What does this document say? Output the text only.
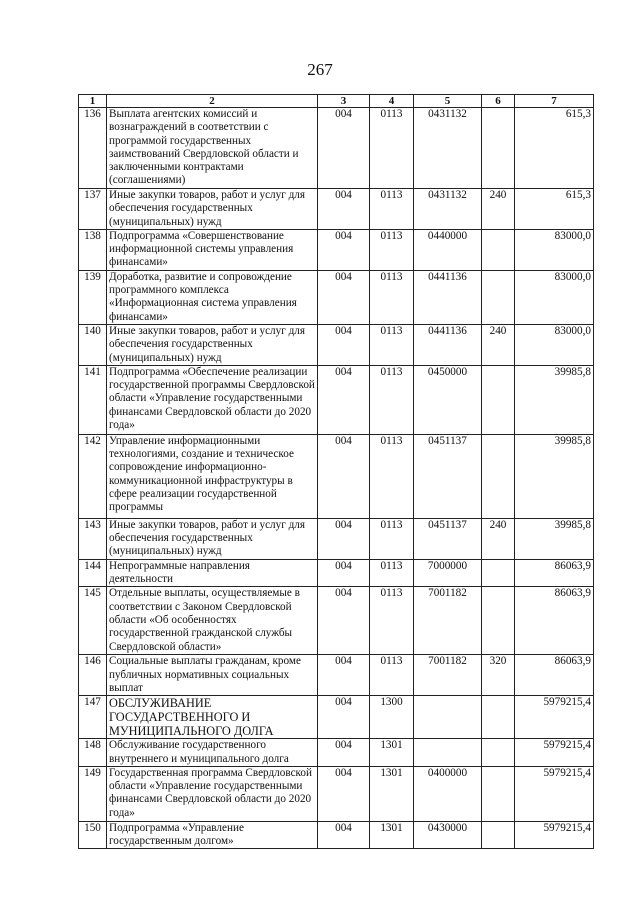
267
1	2	3	4	5	6	7
136	Выплата агентских комиссий и вознаграждений в соответствии с программой государственных заимствований Свердловской области и заключенными контрактами (соглашениями)	004	0113	0431132		615,3
137	Иные закупки товаров, работ и услуг для обеспечения государственных (муниципальных) нужд	004	0113	0431132	240	615,3
138	Подпрограмма «Совершенствование информационной системы управления финансами»	004	0113	0440000		83000,0
139	Доработка, развитие и сопровождение программного комплекса «Информационная система управления финансами»	004	0113	0441136		83000,0
140	Иные закупки товаров, работ и услуг для обеспечения государственных (муниципальных) нужд	004	0113	0441136	240	83000,0
141	Подпрограмма «Обеспечение реализации государственной программы Свердловской области «Управление государственными финансами Свердловской области до 2020 года»	004	0113	0450000		39985,8
142	Управление информационными технологиями, создание и техническое сопровождение информационно-коммуникационной инфраструктуры в сфере реализации государственной программы	004	0113	0451137		39985,8
143	Иные закупки товаров, работ и услуг для обеспечения государственных (муниципальных) нужд	004	0113	0451137	240	39985,8
144	Непрограммные направления деятельности	004	0113	7000000		86063,9
145	Отдельные выплаты, осуществляемые в соответствии с Законом Свердловской области «Об особенностях государственной гражданской службы Свердловской области»	004	0113	7001182		86063,9
146	Социальные выплаты гражданам, кроме публичных нормативных социальных выплат	004	0113	7001182	320	86063,9
147	ОБСЛУЖИВАНИЕ ГОСУДАРСТВЕННОГО И МУНИЦИПАЛЬНОГО ДОЛГА	004	1300			5979215,4
148	Обслуживание государственного внутреннего и муниципального долга	004	1301			5979215,4
149	Государственная программа Свердловской области «Управление государственными финансами Свердловской области до 2020 года»	004	1301	0400000		5979215,4
150	Подпрограмма «Управление государственным долгом»	004	1301	0430000		5979215,4
